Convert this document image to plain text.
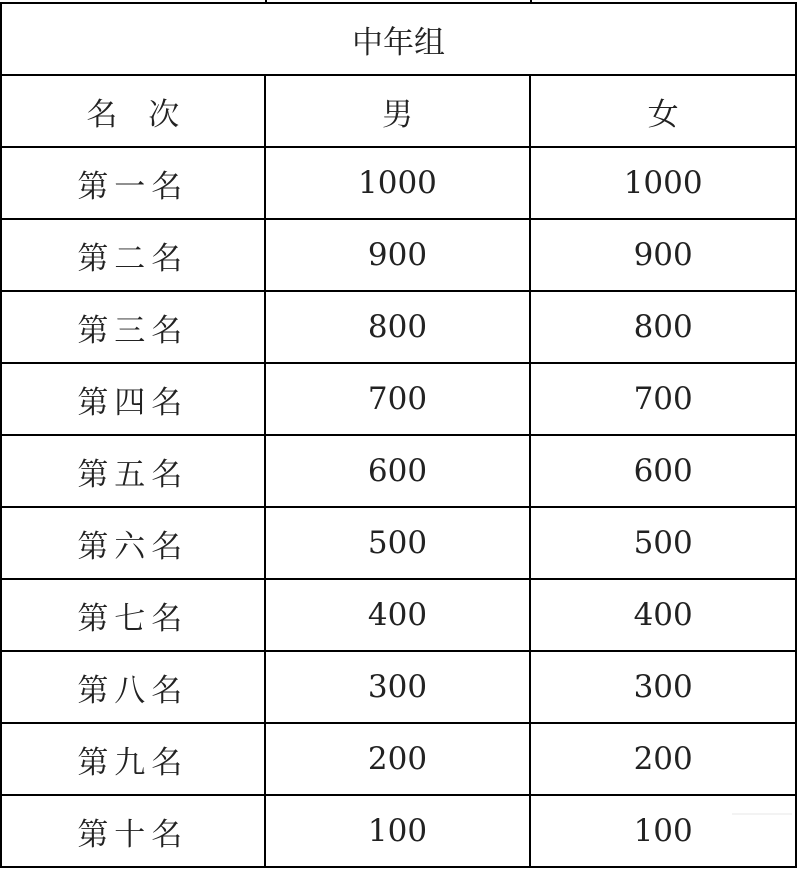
中年组		
名　次	男	女
第一名	1000	1000
第二名	900	900
第三名	800	800
第四名	700	700
第五名	600	600
第六名	500	500
第七名	400	400
第八名	300	300
第九名	200	200
第十名	100	100
